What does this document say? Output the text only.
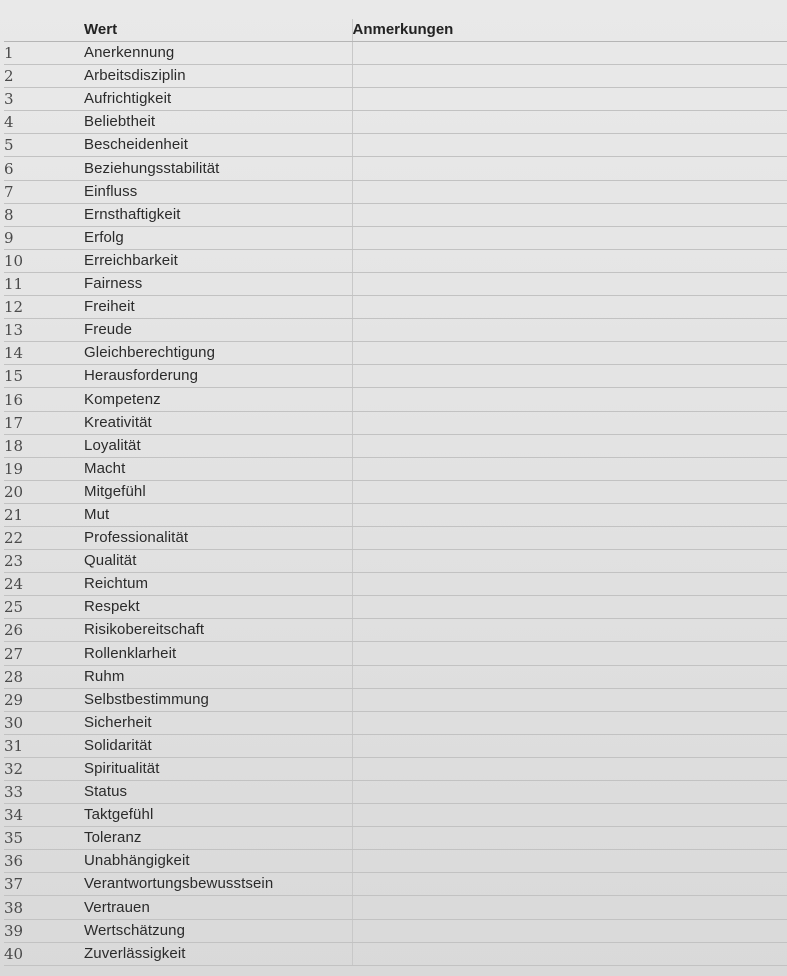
	Wert	Anmerkungen
1	Anerkennung	
2	Arbeitsdisziplin	
3	Aufrichtigkeit	
4	Beliebtheit	
5	Bescheidenheit	
6	Beziehungsstabilität	
7	Einfluss	
8	Ernsthaftigkeit	
9	Erfolg	
10	Erreichbarkeit	
11	Fairness	
12	Freiheit	
13	Freude	
14	Gleichberechtigung	
15	Herausforderung	
16	Kompetenz	
17	Kreativität	
18	Loyalität	
19	Macht	
20	Mitgefühl	
21	Mut	
22	Professionalität	
23	Qualität	
24	Reichtum	
25	Respekt	
26	Risikobereitschaft	
27	Rollenklarheit	
28	Ruhm	
29	Selbstbestimmung	
30	Sicherheit	
31	Solidarität	
32	Spiritualität	
33	Status	
34	Taktgefühl	
35	Toleranz	
36	Unabhängigkeit	
37	Verantwortungsbewusstsein	
38	Vertrauen	
39	Wertschätzung	
40	Zuverlässigkeit	
